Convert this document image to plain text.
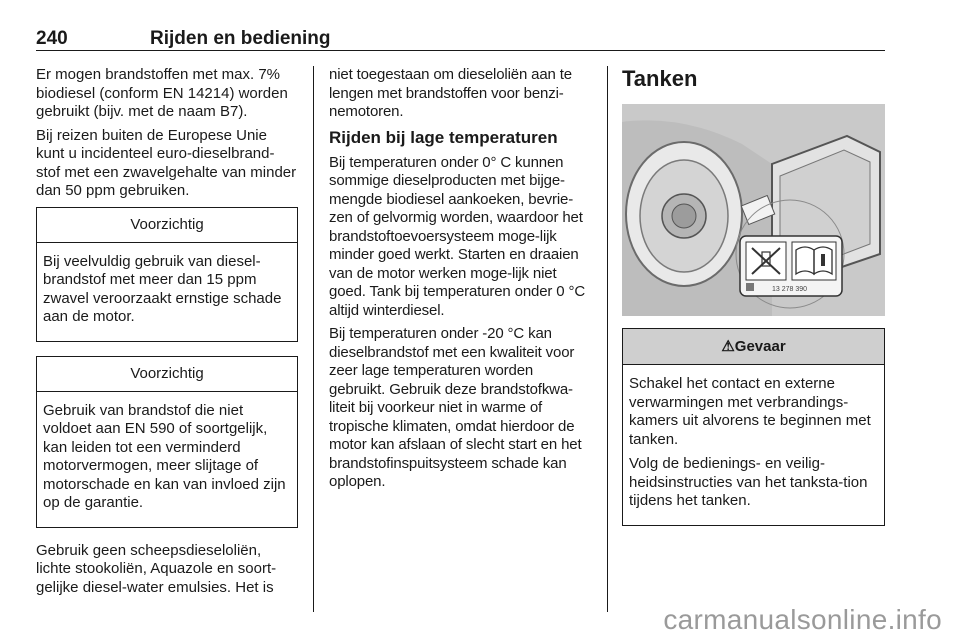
240	Rijden en bediening

Er mogen brandstoffen met max. 7% biodiesel (conform EN 14214) worden gebruikt (bijv. met de naam B7).

Bij reizen buiten de Europese Unie kunt u incidenteel euro-dieselbrand-stof met een zwavelgehalte van minder dan 50 ppm gebruiken.

Voorzichtig

Bij veelvuldig gebruik van diesel-brandstof met meer dan 15 ppm zwavel veroorzaakt ernstige schade aan de motor.

Voorzichtig

Gebruik van brandstof die niet voldoet aan EN 590 of soortgelijk, kan leiden tot een verminderd motorvermogen, meer slijtage of motorschade en kan van invloed zijn op de garantie.

Gebruik geen scheepsdieseloliën, lichte stookoliën, Aquazole en soort-gelijke diesel-water emulsies. Het is

niet toegestaan om dieseloliën aan te lengen met brandstoffen voor benzi-nemotoren.

Rijden bij lage temperaturen

Bij temperaturen onder 0° C kunnen sommige dieselproducten met bijge-mengde biodiesel aankoeken, bevrie-zen of gelvormig worden, waardoor het brandstoftoevoersysteem moge-lijk minder goed werkt. Starten en draaien van de motor werken moge-lijk niet goed. Tank bij temperaturen onder 0 °C altijd winterdiesel.

Bij temperaturen onder -20 °C kan dieselbrandstof met een kwaliteit voor zeer lage temperaturen worden gebruikt. Gebruik deze brandstofkwa-liteit bij voorkeur niet in warme of tropische klimaten, omdat hierdoor de motor kan afslaan of slecht start en het brandstofinspuitsysteem schade kan oplopen.

Tanken
13 278 390
⚠Gevaar

Schakel het contact en externe verwarmingen met verbrandings-kamers uit alvorens te beginnen met tanken.

Volg de bedienings- en veilig-heidsinstructies van het tanksta-tion tijdens het tanken.

carmanualsonline.info
